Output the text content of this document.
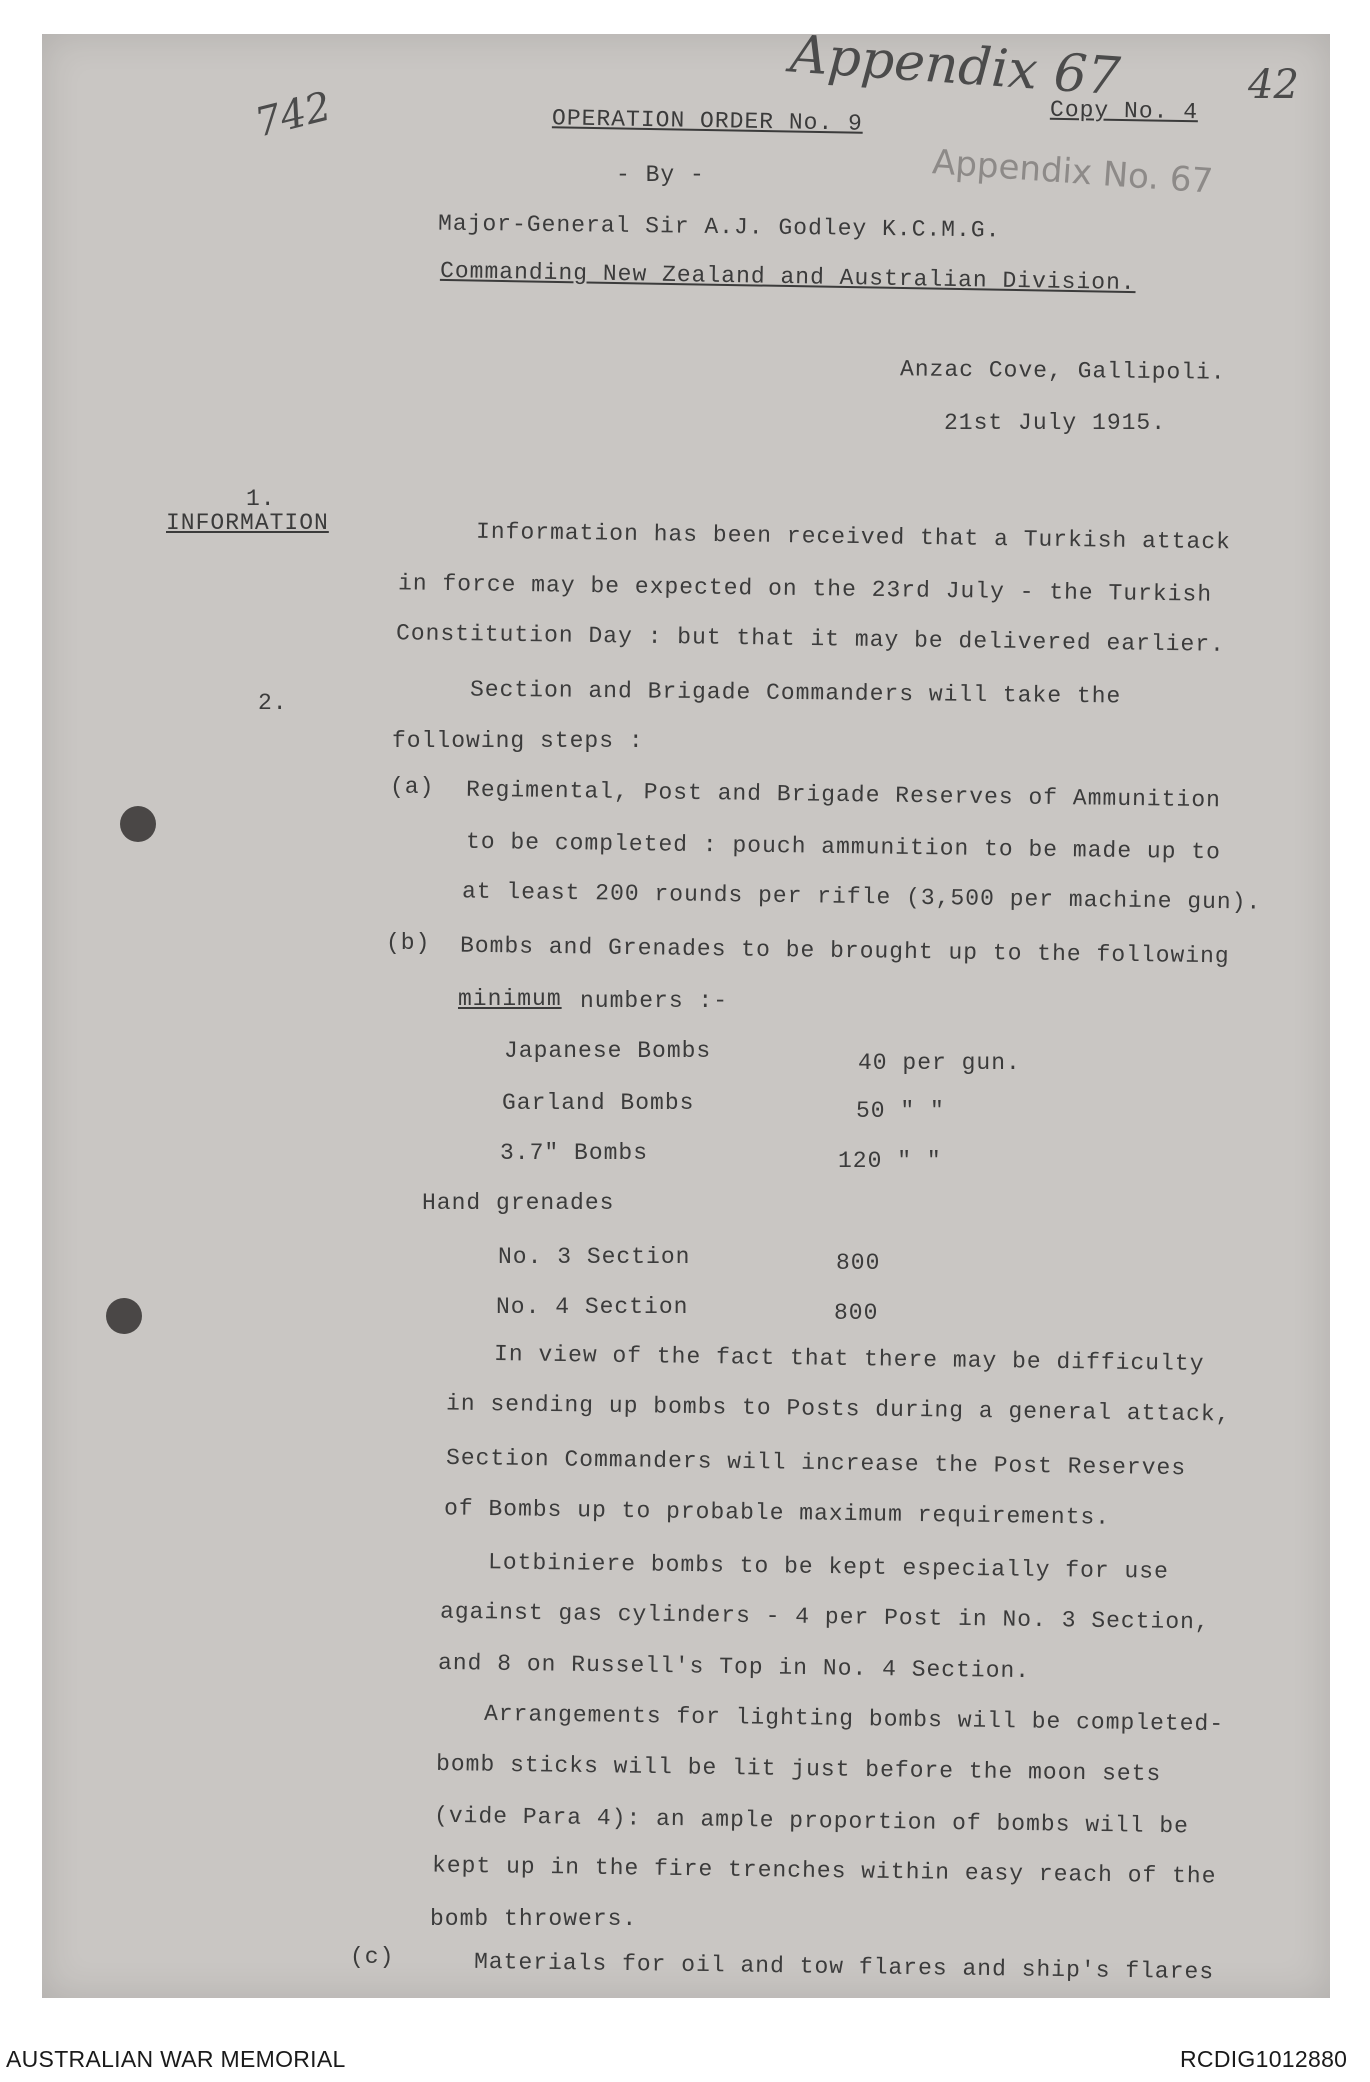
Appendix 67	42
742
Appendix No. 67
OPERATION ORDER No. 9	Copy No. 4
- By -
Major-General Sir A.J. Godley K.C.M.G.
Commanding New Zealand and Australian Division.
Anzac Cove, Gallipoli.
21st July 1915.
1.
INFORMATION	Information has been received that a Turkish attack
in force may be expected on the 23rd July - the Turkish
Constitution Day : but that it may be delivered earlier.
2.	Section and Brigade Commanders will take the
following steps :
(a) Regimental, Post and Brigade Reserves of Ammunition
to be completed : pouch ammunition to be made up to
at least 200 rounds per rifle (3,500 per machine gun).
(b) Bombs and Grenades to be brought up to the following
minimum numbers :-
Japanese Bombs	40 per gun.
Garland Bombs	50 " "
3.7" Bombs	120 " "
Hand grenades
No. 3 Section	800
No. 4 Section	800
In view of the fact that there may be difficulty
in sending up bombs to Posts during a general attack,
Section Commanders will increase the Post Reserves
of Bombs up to probable maximum requirements.
Lotbiniere bombs to be kept especially for use
against gas cylinders - 4 per Post in No. 3 Section,
and 8 on Russell's Top in No. 4 Section.
Arrangements for lighting bombs will be completed-
bomb sticks will be lit just before the moon sets
(vide Para 4): an ample proportion of bombs will be
kept up in the fire trenches within easy reach of the
bomb throwers.
(c)	Materials for oil and tow flares and ship's flares
AUSTRALIAN WAR MEMORIAL	RCDIG1012880
